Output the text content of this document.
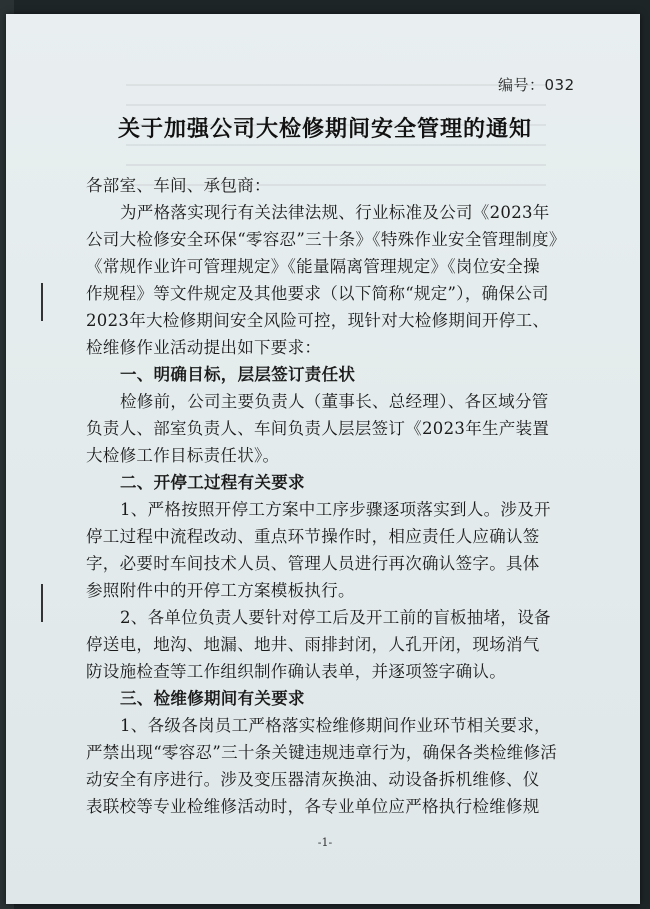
编号：032
关于加强公司大检修期间安全管理的通知
各部室、车间、承包商：
为严格落实现行有关法律法规、行业标准及公司《2023年
公司大检修安全环保“零容忍”三十条》《特殊作业安全管理制度》
《常规作业许可管理规定》《能量隔离管理规定》《岗位安全操
作规程》等文件规定及其他要求（以下简称“规定”），确保公司
2023年大检修期间安全风险可控，现针对大检修期间开停工、
检维修作业活动提出如下要求：
一、明确目标，层层签订责任状
检修前，公司主要负责人（董事长、总经理）、各区域分管
负责人、部室负责人、车间负责人层层签订《2023年生产装置
大检修工作目标责任状》。
二、开停工过程有关要求
1、严格按照开停工方案中工序步骤逐项落实到人。涉及开
停工过程中流程改动、重点环节操作时，相应责任人应确认签
字，必要时车间技术人员、管理人员进行再次确认签字。具体
参照附件中的开停工方案模板执行。
2、各单位负责人要针对停工后及开工前的盲板抽堵，设备
停送电，地沟、地漏、地井、雨排封闭，人孔开闭，现场消气
防设施检查等工作组织制作确认表单，并逐项签字确认。
三、检维修期间有关要求
1、各级各岗员工严格落实检维修期间作业环节相关要求，
严禁出现“零容忍”三十条关键违规违章行为，确保各类检维修活
动安全有序进行。涉及变压器清灰换油、动设备拆机维修、仪
表联校等专业检维修活动时，各专业单位应严格执行检维修规
-1-
